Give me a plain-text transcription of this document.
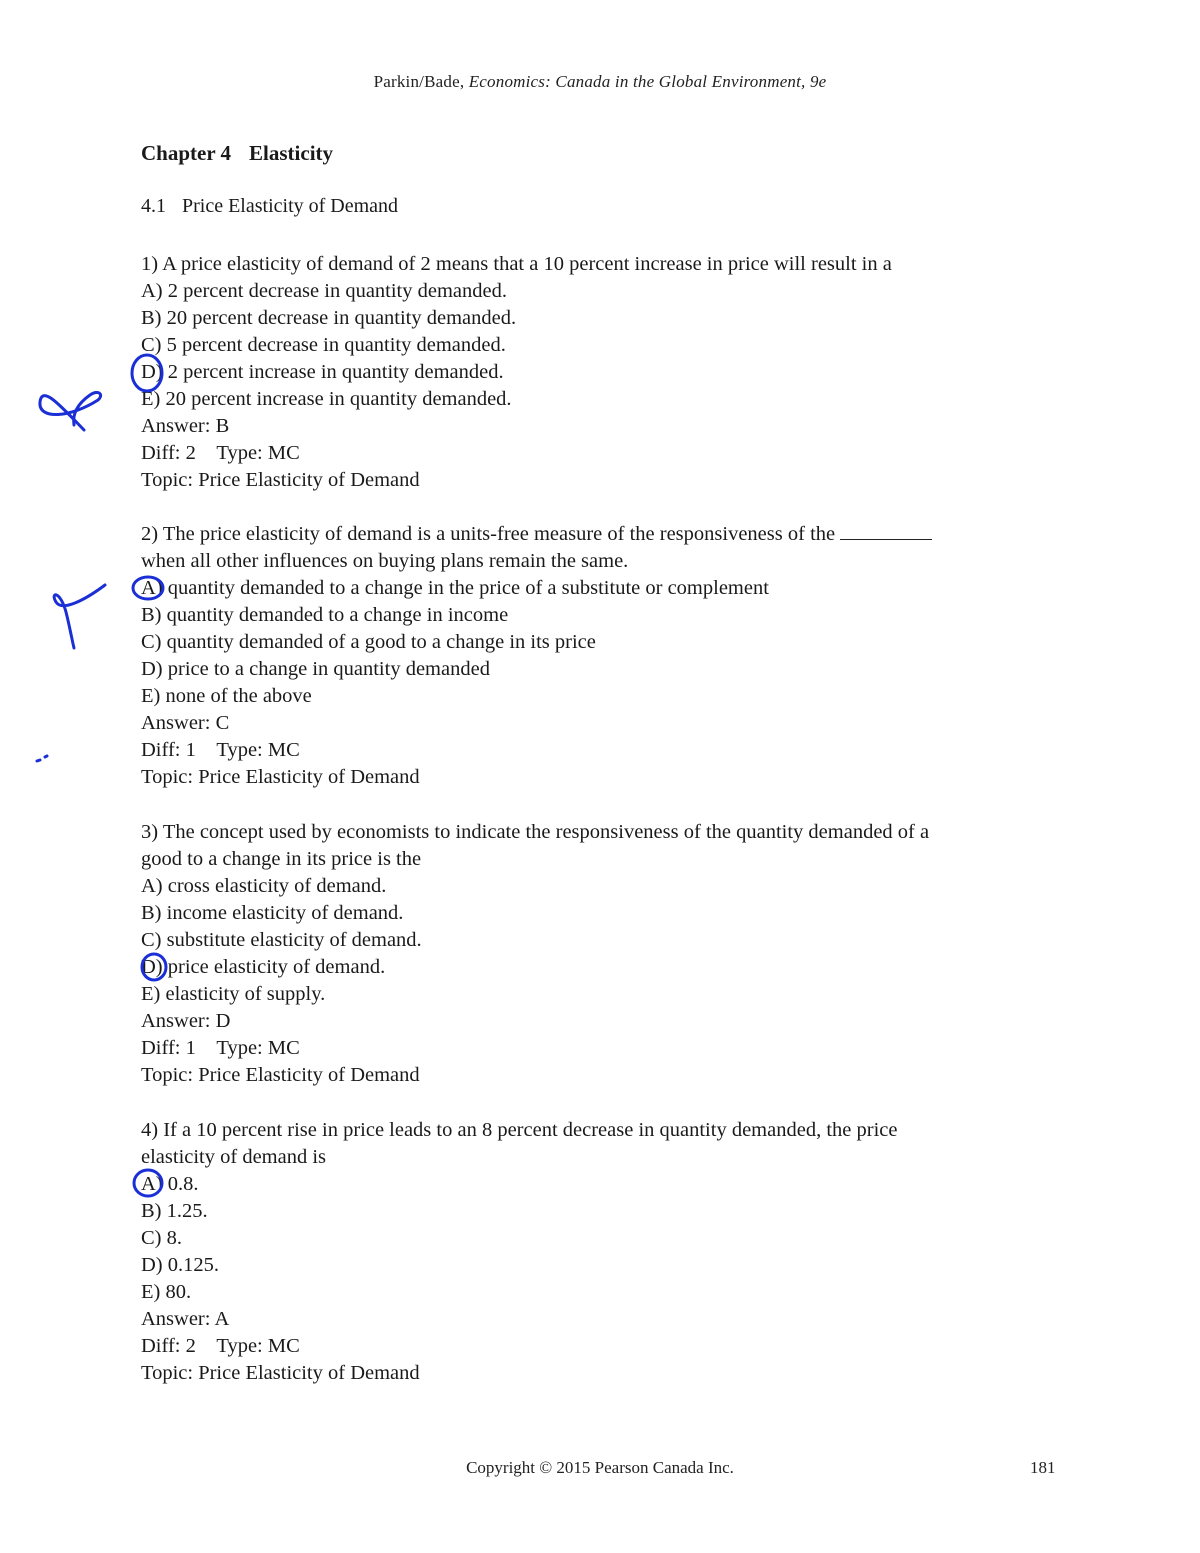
Parkin/Bade, Economics: Canada in the Global Environment, 9e
Chapter 4 Elasticity
4.1 Price Elasticity of Demand
1) A price elasticity of demand of 2 means that a 10 percent increase in price will result in a
A) 2 percent decrease in quantity demanded.
B) 20 percent decrease in quantity demanded.
C) 5 percent decrease in quantity demanded.
D) 2 percent increase in quantity demanded.
E) 20 percent increase in quantity demanded.
Answer: B
Diff: 2 Type: MC
Topic: Price Elasticity of Demand
2) The price elasticity of demand is a units-free measure of the responsiveness of the
when all other influences on buying plans remain the same.
A) quantity demanded to a change in the price of a substitute or complement
B) quantity demanded to a change in income
C) quantity demanded of a good to a change in its price
D) price to a change in quantity demanded
E) none of the above
Answer: C
Diff: 1 Type: MC
Topic: Price Elasticity of Demand
3) The concept used by economists to indicate the responsiveness of the quantity demanded of a
good to a change in its price is the
A) cross elasticity of demand.
B) income elasticity of demand.
C) substitute elasticity of demand.
D) price elasticity of demand.
E) elasticity of supply.
Answer: D
Diff: 1 Type: MC
Topic: Price Elasticity of Demand
4) If a 10 percent rise in price leads to an 8 percent decrease in quantity demanded, the price
elasticity of demand is
A) 0.8.
B) 1.25.
C) 8.
D) 0.125.
E) 80.
Answer: A
Diff: 2 Type: MC
Topic: Price Elasticity of Demand
Copyright © 2015 Pearson Canada Inc.	181
